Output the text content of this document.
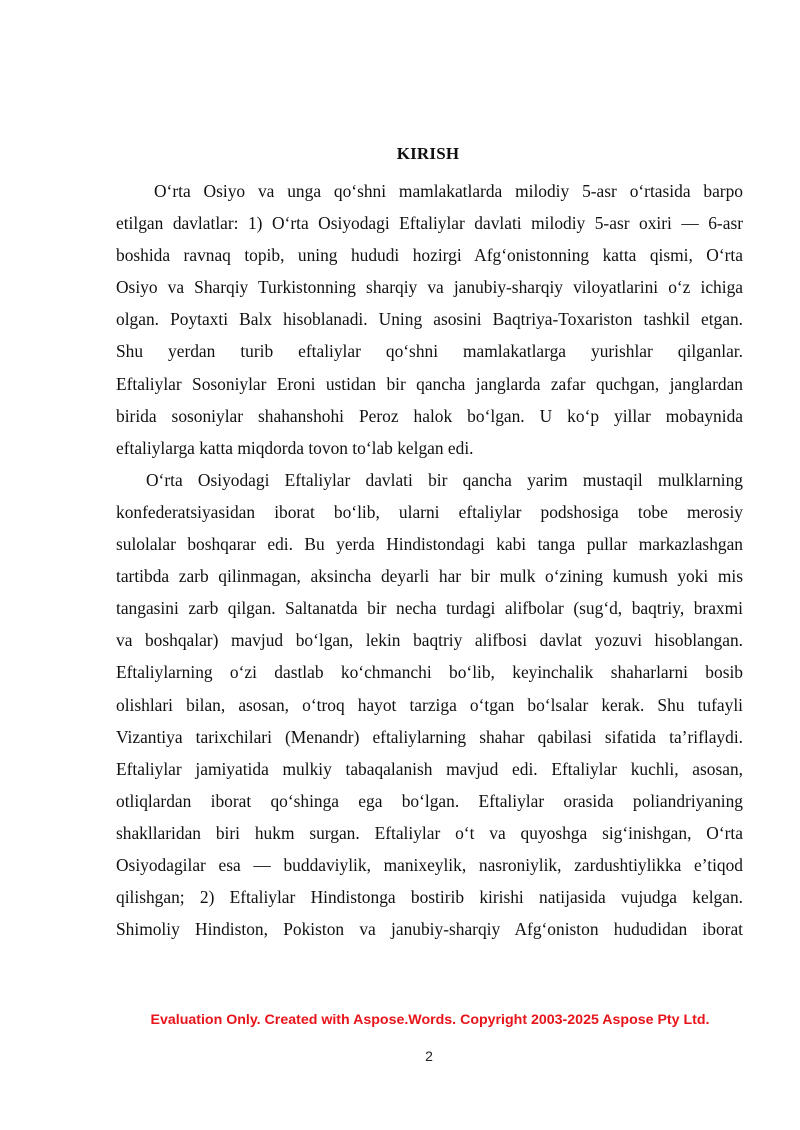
KIRISH
O‘rta Osiyo va unga qo‘shni mamlakatlarda milodiy 5-asr o‘rtasida barpo
etilgan davlatlar: 1) O‘rta Osiyodagi Eftaliylar davlati milodiy 5-asr oxiri — 6-asr
boshida ravnaq topib, uning hududi hozirgi Afg‘onistonning katta qismi, O‘rta
Osiyo va Sharqiy Turkistonning sharqiy va janubiy-sharqiy viloyatlarini o‘z ichiga
olgan. Poytaxti Balx hisoblanadi. Uning asosini Baqtriya-Toxariston tashkil etgan.
Shu yerdan turib eftaliylar qo‘shni mamlakatlarga yurishlar qilganlar.
Eftaliylar Sosoniylar Eroni ustidan bir qancha janglarda zafar quchgan, janglardan
birida sosoniylar shahanshohi Peroz halok bo‘lgan. U ko‘p yillar mobaynida
eftaliylarga katta miqdorda tovon to‘lab kelgan edi.
O‘rta Osiyodagi Eftaliylar davlati bir qancha yarim mustaqil mulklarning
konfederatsiyasidan iborat bo‘lib, ularni eftaliylar podshosiga tobe merosiy
sulolalar boshqarar edi. Bu yerda Hindistondagi kabi tanga pullar markazlashgan
tartibda zarb qilinmagan, aksincha deyarli har bir mulk o‘zining kumush yoki mis
tangasini zarb qilgan. Saltanatda bir necha turdagi alifbolar (sug‘d, baqtriy, braxmi
va boshqalar) mavjud bo‘lgan, lekin baqtriy alifbosi davlat yozuvi hisoblangan.
Eftaliylarning o‘zi dastlab ko‘chmanchi bo‘lib, keyinchalik shaharlarni bosib
olishlari bilan, asosan, o‘troq hayot tarziga o‘tgan bo‘lsalar kerak. Shu tufayli
Vizantiya tarixchilari (Menandr) eftaliylarning shahar qabilasi sifatida ta’riflaydi.
Eftaliylar jamiyatida mulkiy tabaqalanish mavjud edi. Eftaliylar kuchli, asosan,
otliqlardan iborat qo‘shinga ega bo‘lgan. Eftaliylar orasida poliandriyaning
shakllaridan biri hukm surgan. Eftaliylar o‘t va quyoshga sig‘inishgan, O‘rta
Osiyodagilar esa — buddaviylik, manixeylik, nasroniylik, zardushtiylikka e’tiqod
qilishgan; 2) Eftaliylar Hindistonga bostirib kirishi natijasida vujudga kelgan.
Shimoliy Hindiston, Pokiston va janubiy-sharqiy Afg‘oniston hududidan iborat
Evaluation Only. Created with Aspose.Words. Copyright 2003-2025 Aspose Pty Ltd.
2
